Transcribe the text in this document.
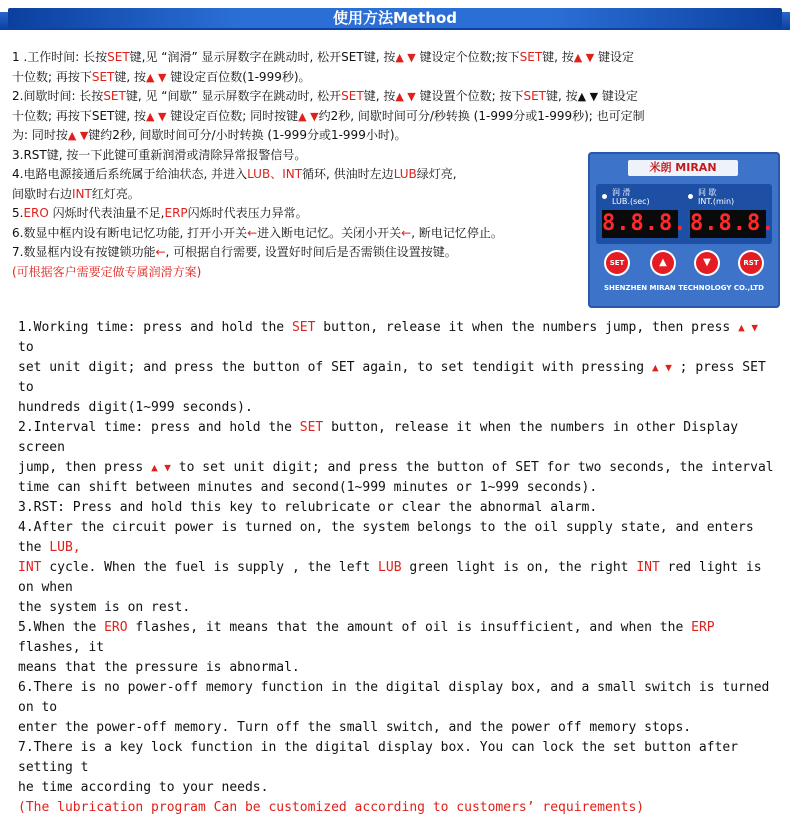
使用方法Method

1 .工作时间: 长按SET键,见 “润滑” 显示屏数字在跳动时, 松开SET键, 按▲ ▼ 键设定个位数;按下SET键, 按▲ ▼ 键设定

十位数; 再按下SET键, 按▲ ▼ 键设定百位数(1-999秒)。

2.间歇时间: 长按SET键, 见 “间歇” 显示屏数字在跳动时, 松开SET键, 按▲ ▼ 键设置个位数; 按下SET键, 按▲ ▼ 键设定

十位数; 再按下SET键, 按▲ ▼ 键设定百位数; 同时按键▲ ▼约2秒, 间歇时间可分/秒转换 (1-999分或1-999秒); 也可定制

为: 同时按▲ ▼键约2秒, 间歇时间可分/小时转换 (1-999分或1-999小时)。

3.RST键, 按一下此键可重新润滑或清除异常报警信号。

4.电路电源接通后系统属于给油状态, 并进入LUB、INT循环, 供油时左边LUB绿灯亮,

间歇时右边INT红灯亮。

5.ERO 闪烁时代表油量不足,ERP闪烁时代表压力异常。

6.数显中框内设有断电记忆功能, 打开小开关←进入断电记忆。关闭小开关←, 断电记忆停止。

7.数显框内设有按键锁功能←, 可根据自行需要, 设置好时间后是否需锁住设置按键。

(可根据客户需要定做专属润滑方案)

米朗 MIRAN
润 滑
LUB.(sec)
间 歇
INT.(min)
8.8.8. 8.8.8.
SET	▲	▼	RST
SHENZHEN MIRAN TECHNOLOGY CO.,LTD

1.Working time: press and hold the SET button, release it when the numbers jump, then press ▲ ▼ to

set unit digit; and press the button of SET again, to set tendigit with pressing ▲ ▼ ; press SET to

hundreds digit(1~999 seconds).

2.Interval time: press and hold the SET button, release it when the numbers in other Display screen

jump, then press ▲ ▼ to set unit digit; and press the button of SET for two seconds, the interval

time can shift between minutes and second(1~999 minutes or 1~999 seconds).

3.RST: Press and hold this key to relubricate or clear the abnormal alarm.

4.After the circuit power is turned on, the system belongs to the oil supply state, and enters the LUB,

INT cycle. When the fuel is supply , the left LUB green light is on, the right INT red light is on when

the system is on rest.

5.When the ERO flashes, it means that the amount of oil is insufficient, and when the ERP flashes, it

means that the pressure is abnormal.

6.There is no power-off memory function in the digital display box, and a small switch is turned on to

enter the power-off memory. Turn off the small switch, and the power off memory stops.

7.There is a key lock function in the digital display box. You can lock the set button after setting t

he time according to your needs.

(The lubrication program Can be customized according to customers’ requirements)
